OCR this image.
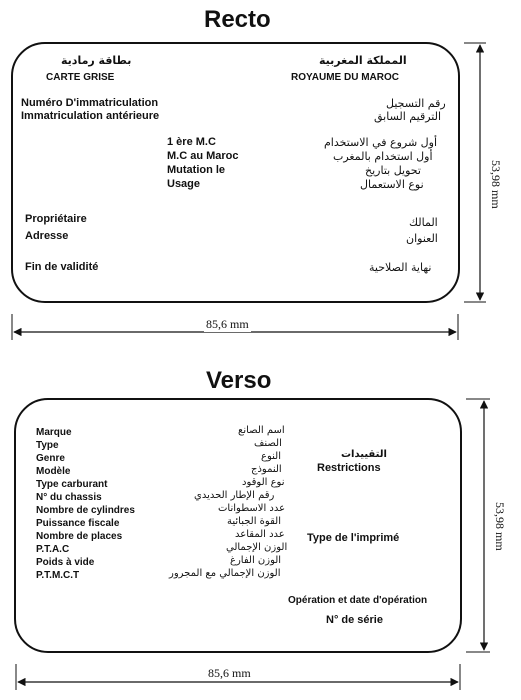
Recto
بطاقة رمادية
CARTE GRISE
المملكة المغربية
ROYAUME DU MAROC
Numéro D'immatriculation
Immatriculation antérieure
رقم التسجيل
الترقيم السابق
1 ère M.C
M.C au Maroc
Mutation le
Usage
أول شروع في الاستخدام
أول استخدام بالمغرب
تحويل بتاريخ
نوع الاستعمال
Propriétaire
Adresse
المالك
العنوان
Fin de validité	نهاية الصلاحية
Verso
Marque
Type
Genre
Modèle
Type carburant
N° du chassis
Nombre de cylindres
Puissance fiscale
Nombre de places
P.T.A.C
Poids à vide
P.T.M.C.T
اسم الصانع
الصنف
النوع
النموذج
نوع الوقود
رقم الإطار الحديدي
عدد الاسطوانات
القوة الجبائية
عدد المقاعد
الوزن الإجمالي
الوزن الفارغ
الوزن الإجمالي مع المجرور
التقييدات
Restrictions
Type de l'imprimé
Opération et date d'opération
N° de série
85,6 mm
53,98 mm
85,6 mm
53,98 mm
